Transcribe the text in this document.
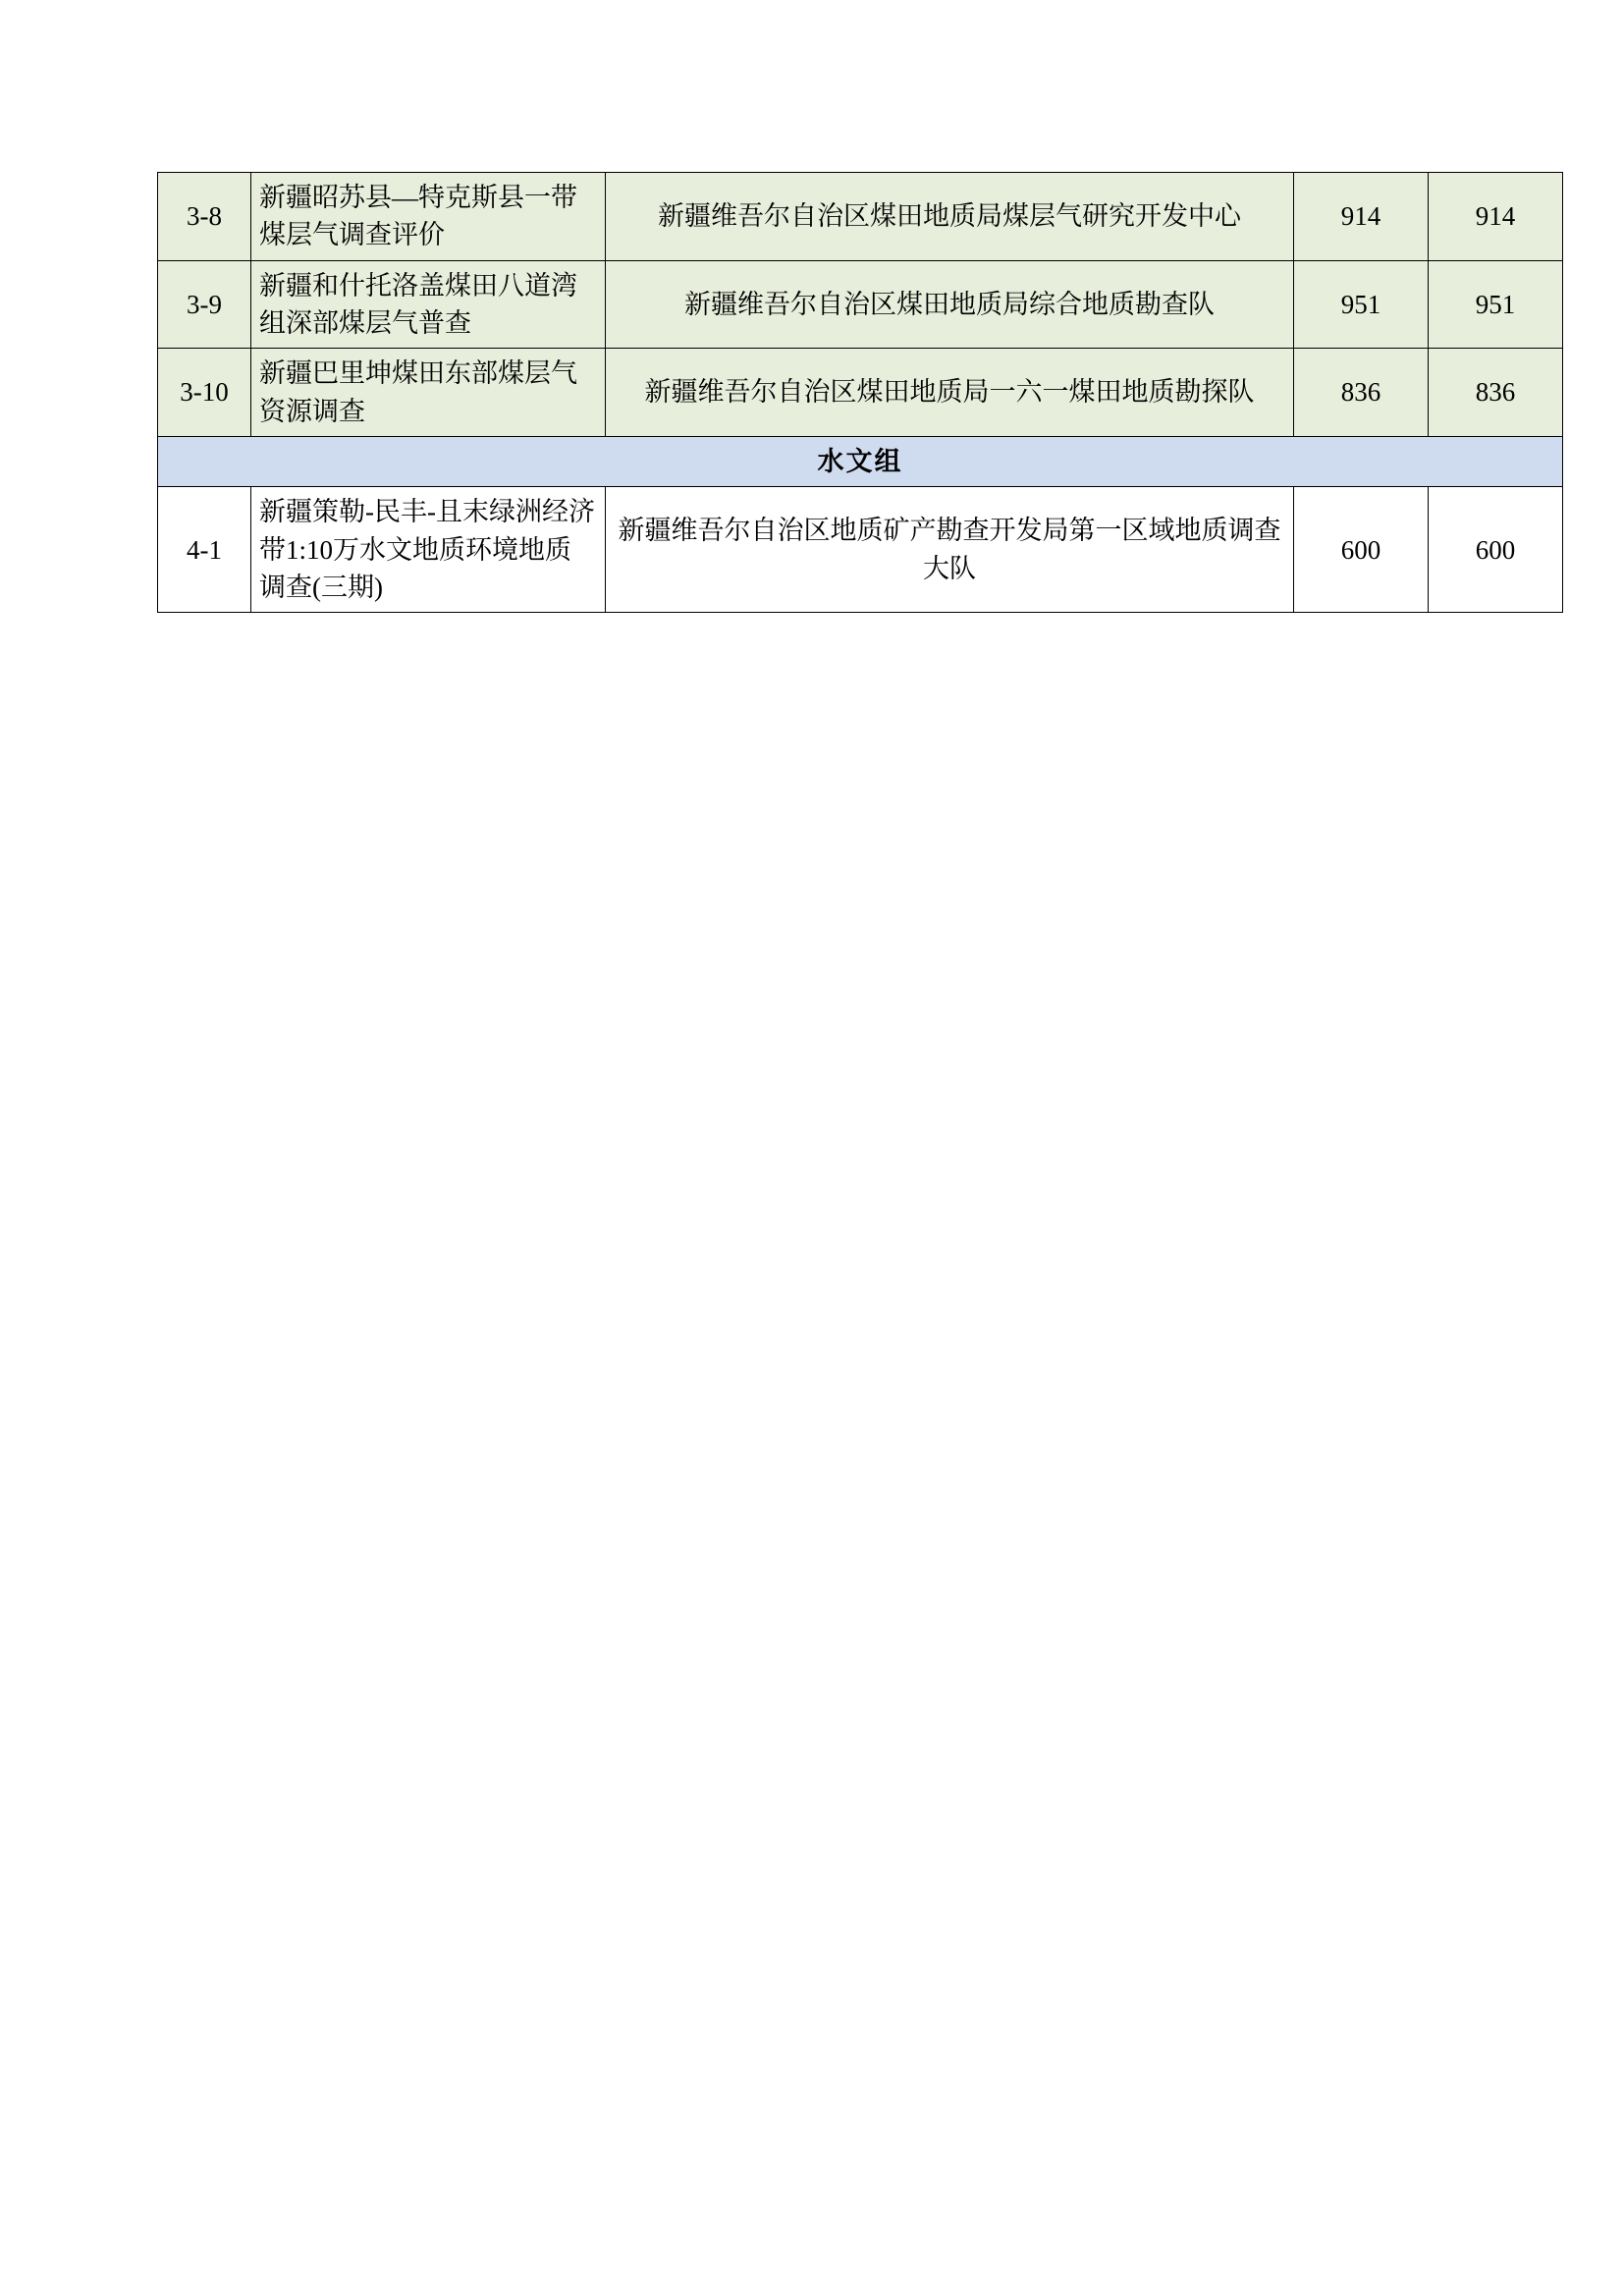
3-8	新疆昭苏县—特克斯县一带煤层气调查评价	新疆维吾尔自治区煤田地质局煤层气研究开发中心	914	914

3-9	新疆和什托洛盖煤田八道湾组深部煤层气普查	新疆维吾尔自治区煤田地质局综合地质勘查队	951	951

3-10	新疆巴里坤煤田东部煤层气资源调查	新疆维吾尔自治区煤田地质局一六一煤田地质勘探队	836	836

水文组				

4-1	新疆策勒-民丰-且末绿洲经济带1:10万水文地质环境地质调查(三期)	新疆维吾尔自治区地质矿产勘查开发局第一区域地质调查大队	600	600
